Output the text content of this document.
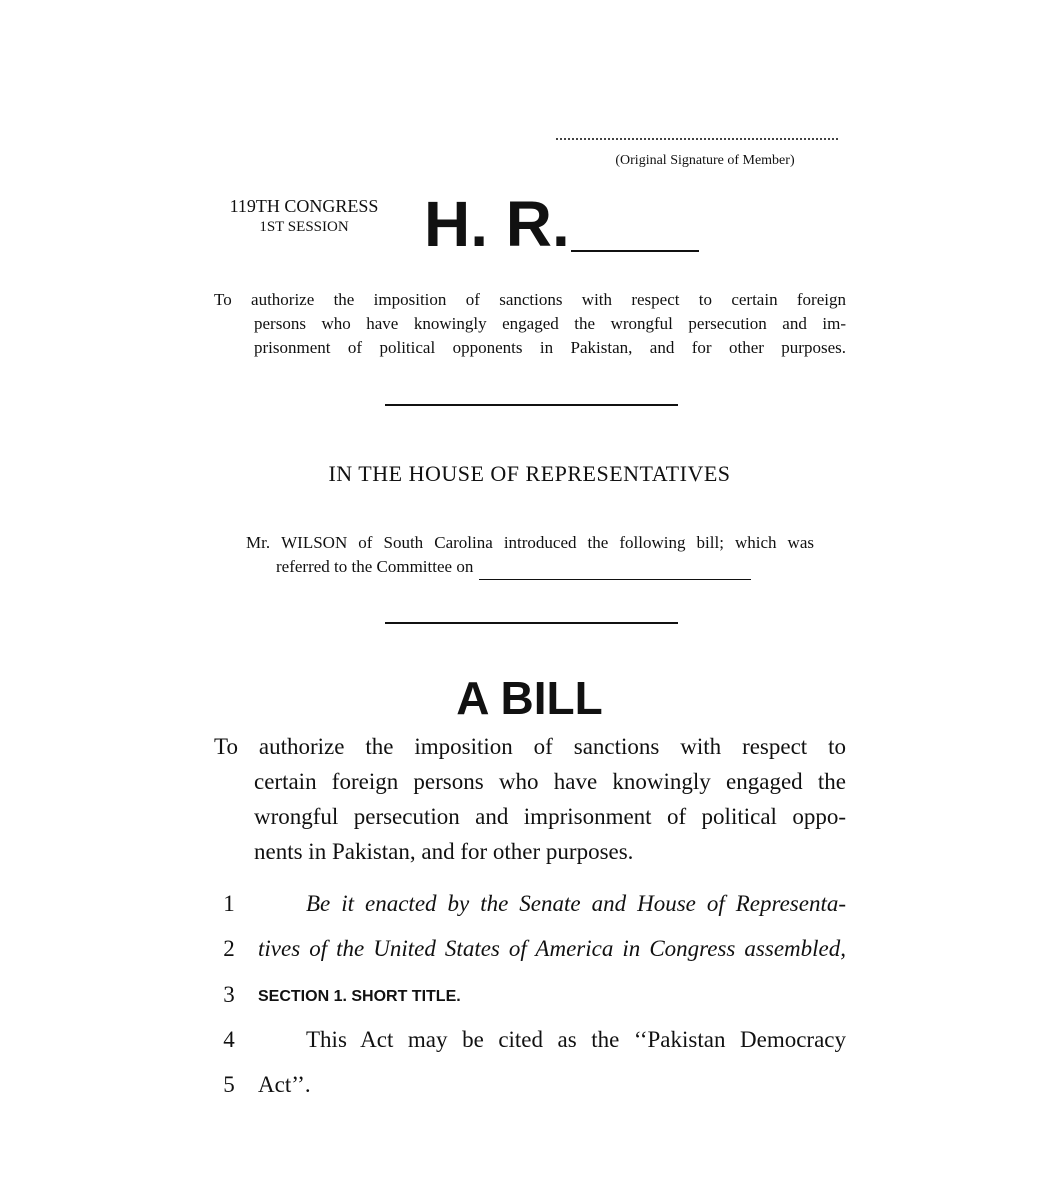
(Original Signature of Member)
119TH CONGRESS
1ST SESSION	H. R.

To authorize the imposition of sanctions with respect to certain foreign

persons who have knowingly engaged the wrongful persecution and im-

prisonment of political opponents in Pakistan, and for other purposes.

IN THE HOUSE OF REPRESENTATIVES

Mr. WILSON of South Carolina introduced the following bill; which was

referred to the Committee on

A BILL

To authorize the imposition of sanctions with respect to

certain foreign persons who have knowingly engaged the

wrongful persecution and imprisonment of political oppo-

nents in Pakistan, and for other purposes.

1	Be it enacted by the Senate and House of Representa-
2	tives of the United States of America in Congress assembled,
3	SECTION 1. SHORT TITLE.
4	This Act may be cited as the ‘‘Pakistan Democracy
5	Act’’.
